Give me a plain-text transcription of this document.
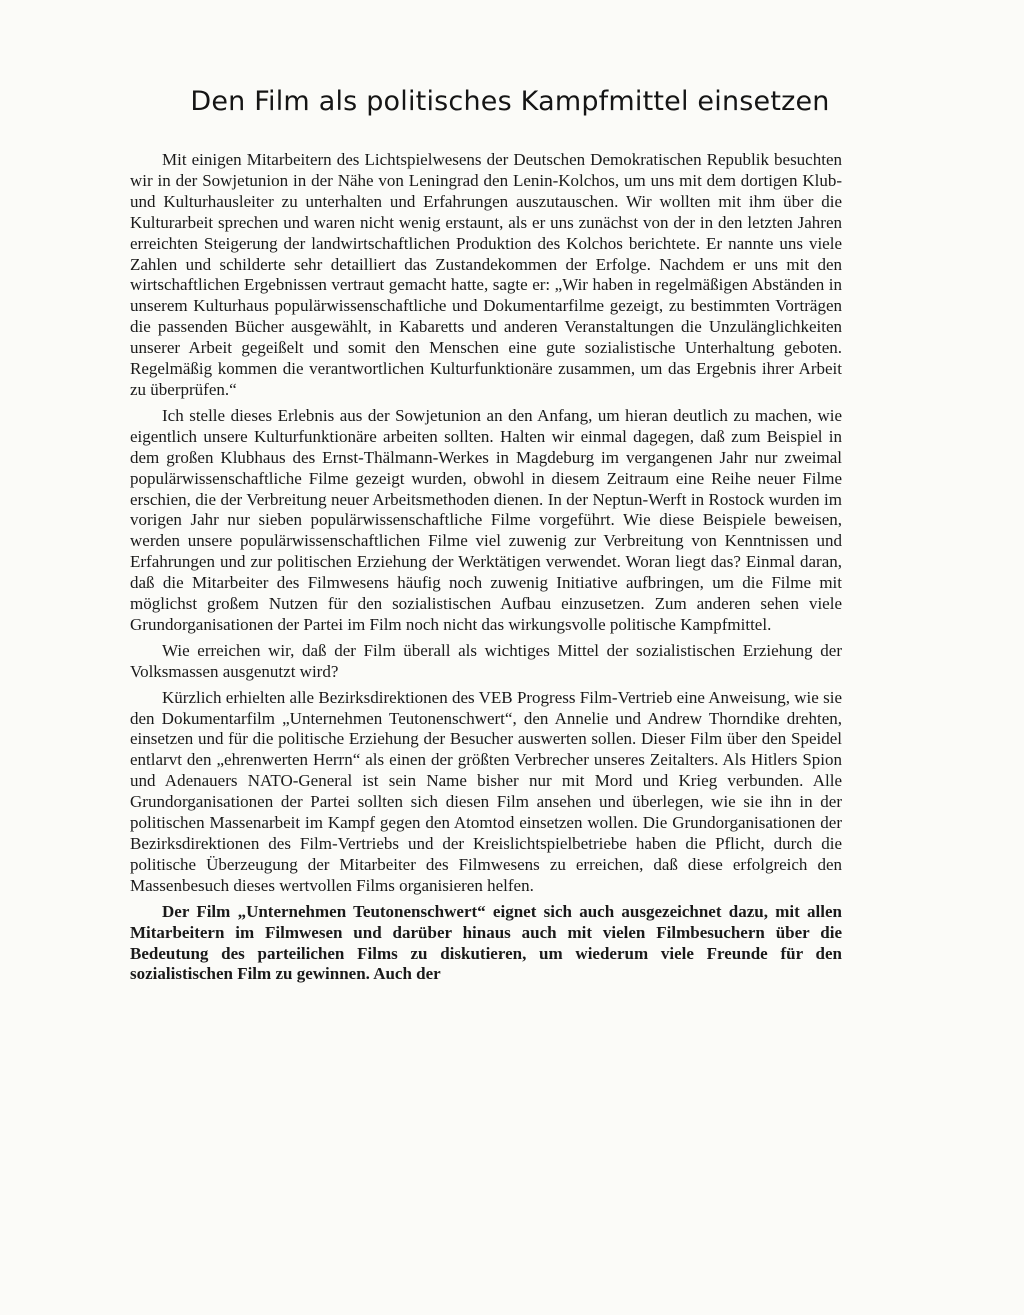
Den Film als politisches Kampfmittel einsetzen

Mit einigen Mitarbeitern des Lichtspielwesens der Deutschen Demokratischen Republik besuchten wir in der Sowjetunion in der Nähe von Leningrad den Lenin-Kolchos, um uns mit dem dortigen Klub- und Kulturhausleiter zu unterhalten und Erfahrungen auszutauschen. Wir wollten mit ihm über die Kulturarbeit sprechen und waren nicht wenig erstaunt, als er uns zunächst von der in den letzten Jahren erreichten Steigerung der landwirtschaftlichen Produktion des Kolchos berichtete. Er nannte uns viele Zahlen und schilderte sehr detailliert das Zustandekommen der Erfolge. Nachdem er uns mit den wirtschaftlichen Ergebnissen vertraut gemacht hatte, sagte er: „Wir haben in regelmäßigen Abständen in unserem Kulturhaus populärwissenschaftliche und Dokumentarfilme gezeigt, zu bestimmten Vorträgen die passenden Bücher ausgewählt, in Kabaretts und anderen Veranstaltungen die Unzulänglichkeiten unserer Arbeit gegeißelt und somit den Menschen eine gute sozialistische Unterhaltung geboten. Regelmäßig kommen die verantwortlichen Kulturfunktionäre zusammen, um das Ergebnis ihrer Arbeit zu überprüfen.“

Ich stelle dieses Erlebnis aus der Sowjetunion an den Anfang, um hieran deutlich zu machen, wie eigentlich unsere Kulturfunktionäre arbeiten sollten. Halten wir einmal dagegen, daß zum Beispiel in dem großen Klubhaus des Ernst-Thälmann-Werkes in Magdeburg im vergangenen Jahr nur zweimal populärwissenschaftliche Filme gezeigt wurden, obwohl in diesem Zeitraum eine Reihe neuer Filme erschien, die der Verbreitung neuer Arbeitsmethoden dienen. In der Neptun-Werft in Rostock wurden im vorigen Jahr nur sieben populärwissenschaftliche Filme vorgeführt. Wie diese Beispiele beweisen, werden unsere populärwissenschaftlichen Filme viel zuwenig zur Verbreitung von Kenntnissen und Erfahrungen und zur politischen Erziehung der Werktätigen verwendet. Woran liegt das? Einmal daran, daß die Mitarbeiter des Filmwesens häufig noch zuwenig Initiative aufbringen, um die Filme mit möglichst großem Nutzen für den sozialistischen Aufbau einzusetzen. Zum anderen sehen viele Grundorganisationen der Partei im Film noch nicht das wirkungsvolle politische Kampfmittel.

Wie erreichen wir, daß der Film überall als wichtiges Mittel der sozialistischen Erziehung der Volksmassen ausgenutzt wird?

Kürzlich erhielten alle Bezirksdirektionen des VEB Progress Film-Vertrieb eine Anweisung, wie sie den Dokumentarfilm „Unternehmen Teutonenschwert“, den Annelie und Andrew Thorndike drehten, einsetzen und für die politische Erziehung der Besucher auswerten sollen. Dieser Film über den Speidel entlarvt den „ehrenwerten Herrn“ als einen der größten Verbrecher unseres Zeitalters. Als Hitlers Spion und Adenauers NATO-General ist sein Name bisher nur mit Mord und Krieg verbunden. Alle Grundorganisationen der Partei sollten sich diesen Film ansehen und überlegen, wie sie ihn in der politischen Massenarbeit im Kampf gegen den Atomtod einsetzen wollen. Die Grundorganisationen der Bezirksdirektionen des Film-Vertriebs und der Kreislichtspielbetriebe haben die Pflicht, durch die politische Überzeugung der Mitarbeiter des Filmwesens zu erreichen, daß diese erfolgreich den Massenbesuch dieses wertvollen Films organisieren helfen.

Der Film „Unternehmen Teutonenschwert“ eignet sich auch ausgezeichnet dazu, mit allen Mitarbeitern im Filmwesen und darüber hinaus auch mit vielen Filmbesuchern über die Bedeutung des parteilichen Films zu diskutieren, um wiederum viele Freunde für den sozialistischen Film zu gewinnen. Auch der
